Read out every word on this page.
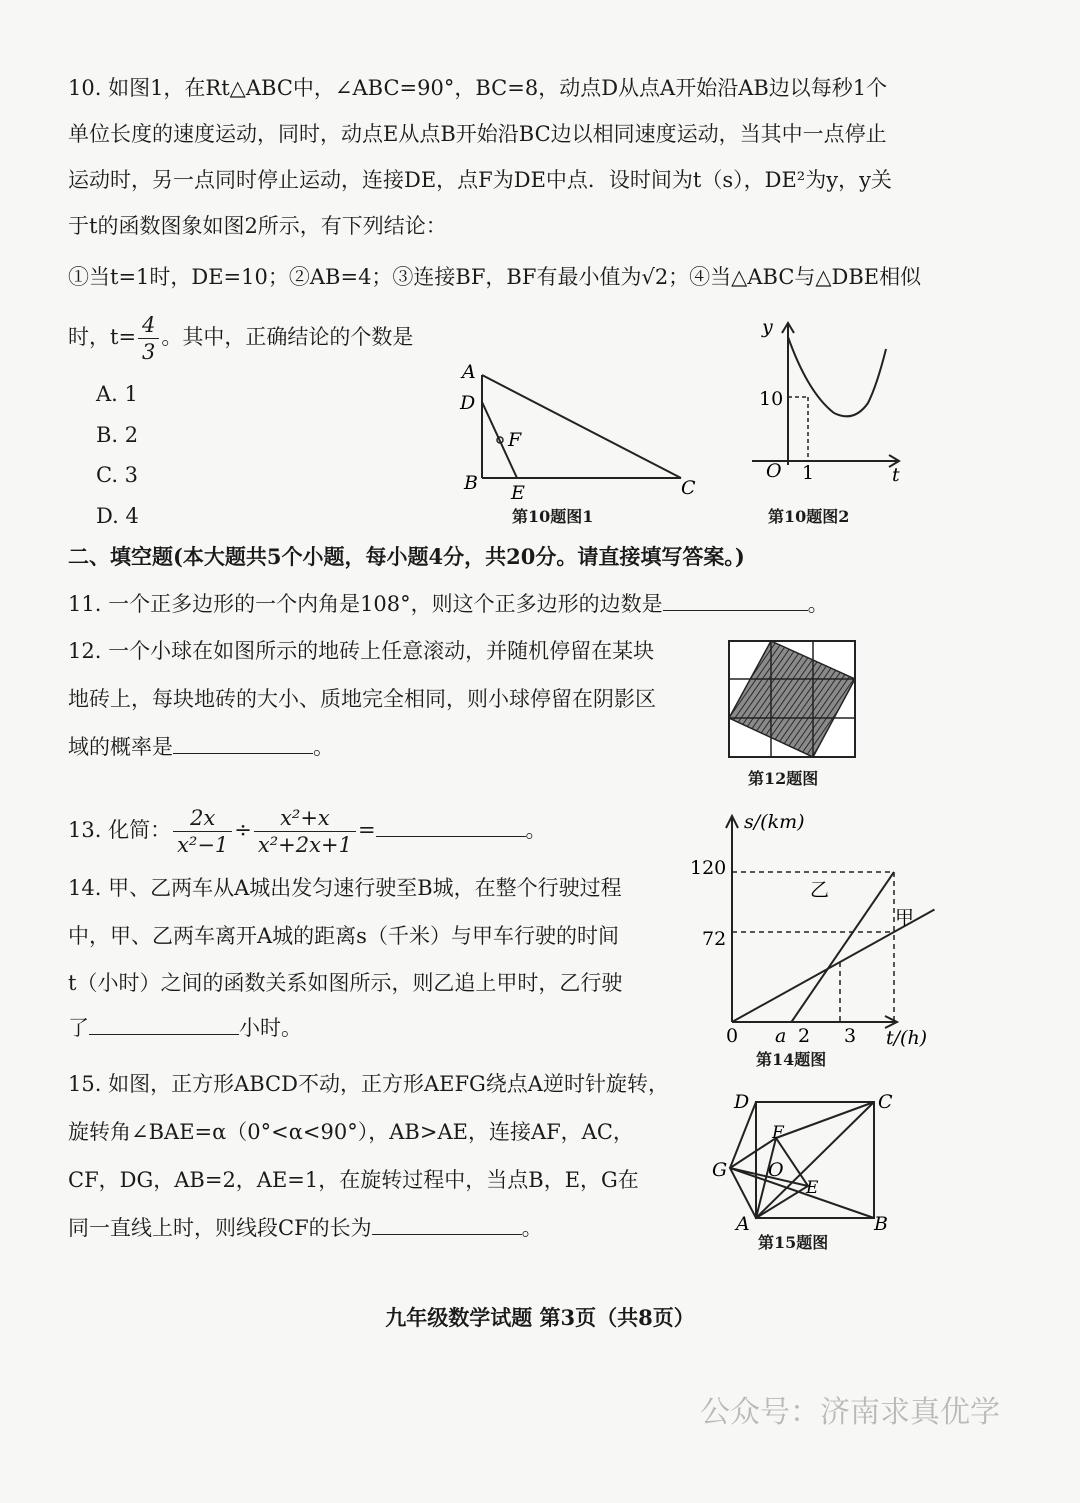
10. 如图1，在Rt△ABC中，∠ABC=90°，BC=8，动点D从点A开始沿AB边以每秒1个
单位长度的速度运动，同时，动点E从点B开始沿BC边以相同速度运动，当其中一点停止
运动时，另一点同时停止运动，连接DE，点F为DE中点．设时间为t（s），DE²为y，y关
于t的函数图象如图2所示，有下列结论：
①当t=1时，DE=10；②AB=4；③连接BF，BF有最小值为√2；④当△ABC与△DBE相似
时，$t= \frac{4}{3}$ 。其中，正确结论的个数是
A. 1
B. 2
C. 3
D. 4
A
D
F
B E	C
第10题图1
y
t
O
10
1
第10题图2
二、填空题(本大题共5个小题，每小题4分，共20分。请直接填写答案。)
11. 一个正多边形的一个内角是108°，则这个正多边形的边数是	。
12. 一个小球在如图所示的地砖上任意滚动，并随机停留在某块
地砖上，每块地砖的大小、质地完全相同，则小球停留在阴影区
域的概率是	。
第12题图
13. 化简： $\frac{2x}{\text{x²−1}} \div \frac{\text{x²+x}}{\text{x²+2x+1}}$ =	。
14. 甲、乙两车从A城出发匀速行驶至B城，在整个行驶过程
中，甲、乙两车离开A城的距离s（千米）与甲车行驶的时间
t（小时）之间的函数关系如图所示，则乙追上甲时，乙行驶
了	小时。
s/(km)
t/(h)
甲
乙
120
72
0 a 2 3
第14题图
15. 如图，正方形ABCD不动，正方形AEFG绕点A逆时针旋转，
旋转角∠BAE=α（0°<α<90°），AB>AE，连接AF，AC，
CF，DG，AB=2，AE=1，在旋转过程中，当点B，E，G在
同一直线上时，则线段CF的长为	。
D	C
F
G O
E
A	B
第15题图
九年级数学试题 第3页（共8页）
公众号：济南求真优学
